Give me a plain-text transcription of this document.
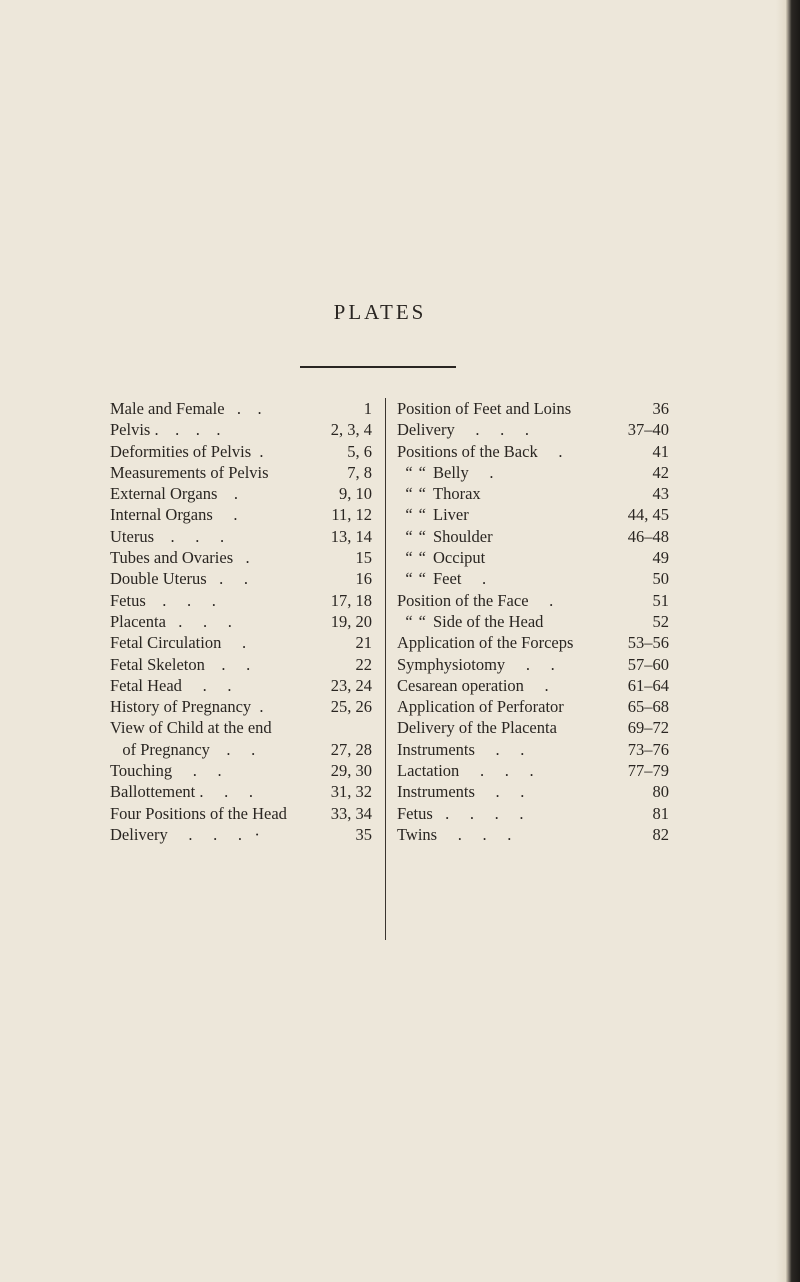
PLATES
Male and Female   .    .	1
Pelvis .    .    .    .	2, 3, 4
Deformities of Pelvis  .	5, 6
Measurements of Pelvis	7, 8
External Organs    .	9, 10
Internal Organs     .	11, 12
Uterus    .     .     .	13, 14
Tubes and Ovaries   .	15
Double Uterus   .     .	16
Fetus    .     .     .	17, 18
Placenta   .     .     .	19, 20
Fetal Circulation     .	21
Fetal Skeleton    .     .	22
Fetal Head     .     .	23, 24
History of Pregnancy  .	25, 26
View of Child at the end
of Pregnancy    .     .	27, 28
Touching     .     .	29, 30
Ballottement .     .     .	31, 32
Four Positions of the Head	33, 34
Delivery     .     .     .   ·	35
Position of Feet and Loins	36
Delivery     .     .     .	37–40
Positions of the Back     .	41
“ “ Belly     .	42
“ “ Thorax	43
“ “ Liver	44, 45
“ “ Shoulder	46–48
“ “ Occiput	49
“ “ Feet     .	50
Position of the Face     .	51
“ “ Side of the Head	52
Application of the Forceps	53–56
Symphysiotomy     .     .	57–60
Cesarean operation     .	61–64
Application of Perforator	65–68
Delivery of the Placenta	69–72
Instruments     .     .	73–76
Lactation     .     .     .	77–79
Instruments     .     .	80
Fetus   .     .     .     .	81
Twins     .     .     .	82
